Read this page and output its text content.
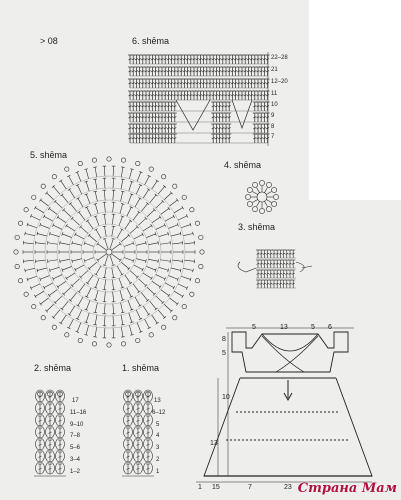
> 08	6. shēma
5. shēma
4. shēma
3. shēma
2. shēma	1. shēma
22–28
21
12–20
11
10
9
8
7
17
11–16
9–10
7–8
5–6
3–4
1–2
13
6–12
5
4
3
2
1
5	13	5 6
8
5
10
13
1 15	7	23 Страна Мам
